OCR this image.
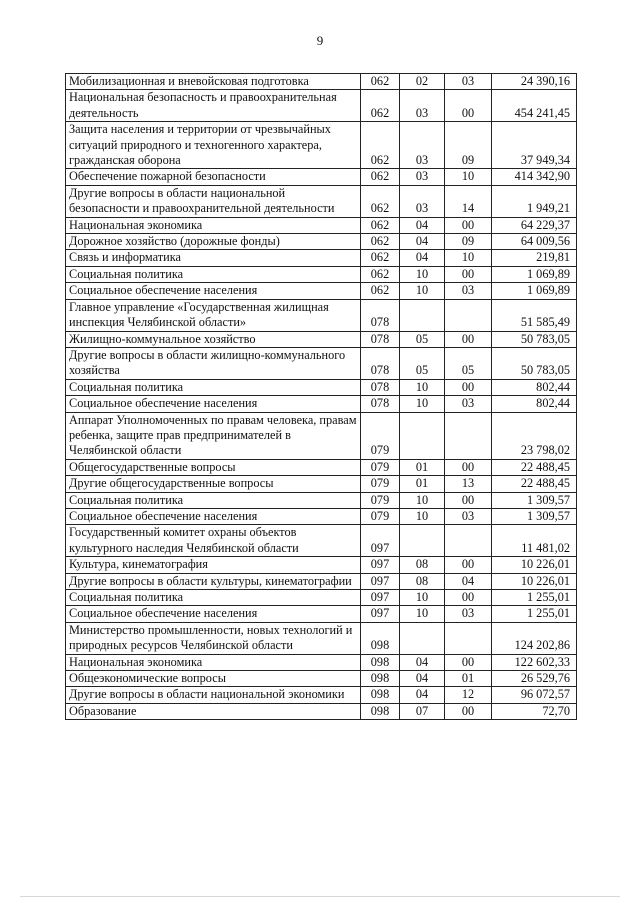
9
Мобилизационная и вневойсковая подготовка	062	02	03	24 390,16
Национальная безопасность и правоохранительная деятельность	062	03	00	454 241,45
Защита населения и территории от чрезвычайных ситуаций природного и техногенного характера, гражданская оборона	062	03	09	37 949,34
Обеспечение пожарной безопасности	062	03	10	414 342,90
Другие вопросы в области национальной безопасности и правоохранительной деятельности	062	03	14	1 949,21
Национальная экономика	062	04	00	64 229,37
Дорожное хозяйство (дорожные фонды)	062	04	09	64 009,56
Связь и информатика	062	04	10	219,81
Социальная политика	062	10	00	1 069,89
Социальное обеспечение населения	062	10	03	1 069,89
Главное управление «Государственная жилищная инспекция Челябинской области»	078			51 585,49
Жилищно-коммунальное хозяйство	078	05	00	50 783,05
Другие вопросы в области жилищно-коммунального хозяйства	078	05	05	50 783,05
Социальная политика	078	10	00	802,44
Социальное обеспечение населения	078	10	03	802,44
Аппарат Уполномоченных по правам человека, правам ребенка, защите прав предпринимателей в Челябинской области	079			23 798,02
Общегосударственные вопросы	079	01	00	22 488,45
Другие общегосударственные вопросы	079	01	13	22 488,45
Социальная политика	079	10	00	1 309,57
Социальное обеспечение населения	079	10	03	1 309,57
Государственный комитет охраны объектов культурного наследия Челябинской области	097			11 481,02
Культура, кинематография	097	08	00	10 226,01
Другие вопросы в области культуры, кинематографии	097	08	04	10 226,01
Социальная политика	097	10	00	1 255,01
Социальное обеспечение населения	097	10	03	1 255,01
Министерство промышленности, новых технологий и природных ресурсов Челябинской области	098			124 202,86
Национальная экономика	098	04	00	122 602,33
Общеэкономические вопросы	098	04	01	26 529,76
Другие вопросы в области национальной экономики	098	04	12	96 072,57
Образование	098	07	00	72,70
